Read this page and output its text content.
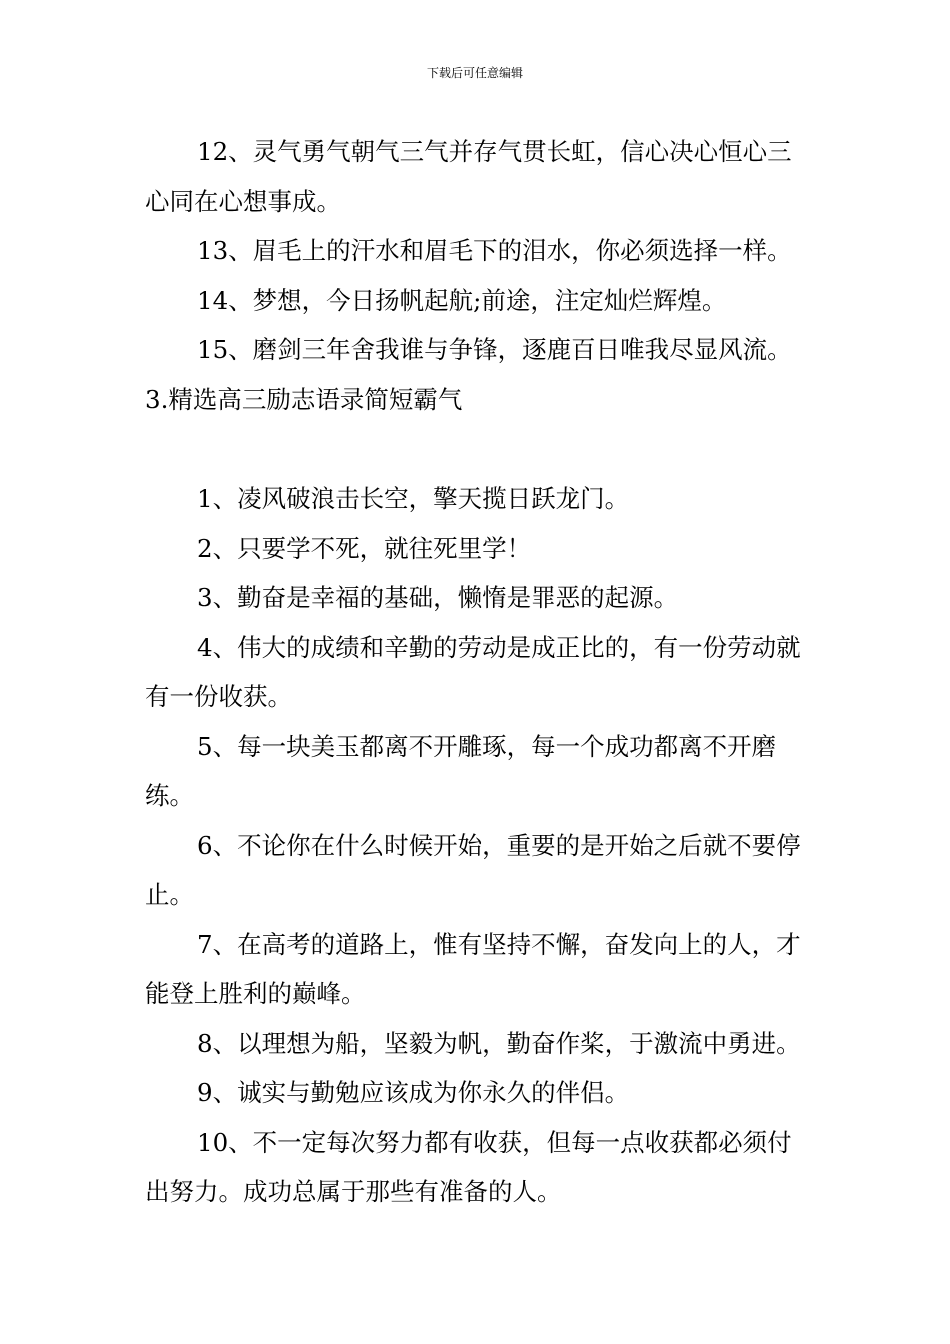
下载后可任意编辑

12、灵气勇气朝气三气并存气贯长虹，信心决心恒心三心同在心想事成。

13、眉毛上的汗水和眉毛下的泪水，你必须选择一样。

14、梦想，今日扬帆起航;前途，注定灿烂辉煌。

15、磨剑三年舍我谁与争锋，逐鹿百日唯我尽显风流。

3.精选高三励志语录简短霸气

1、凌风破浪击长空，擎天揽日跃龙门。

2、只要学不死，就往死里学！

3、勤奋是幸福的基础，懒惰是罪恶的起源。

4、伟大的成绩和辛勤的劳动是成正比的，有一份劳动就有一份收获。

5、每一块美玉都离不开雕琢，每一个成功都离不开磨练。

6、不论你在什么时候开始，重要的是开始之后就不要停止。

7、在高考的道路上，惟有坚持不懈，奋发向上的人，才能登上胜利的巅峰。

8、以理想为船，坚毅为帆，勤奋作桨，于激流中勇进。

9、诚实与勤勉应该成为你永久的伴侣。

10、不一定每次努力都有收获，但每一点收获都必须付出努力。成功总属于那些有准备的人。
